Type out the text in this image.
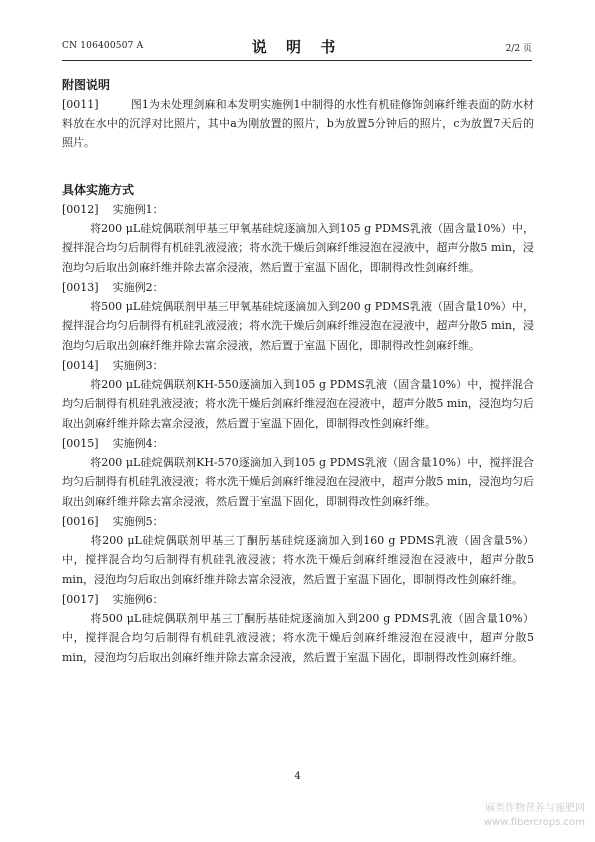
CN 106400507 A	说 明 书	2/2 页
附图说明

[0011]	图1为未处理剑麻和本发明实施例1中制得的水性有机硅修饰剑麻纤维表面的防水材料放在水中的沉浮对比照片，其中a为刚放置的照片，b为放置5分钟后的照片，c为放置7天后的照片。

具体实施方式

[0012] 实施例1：

将200 μL硅烷偶联剂甲基三甲氧基硅烷逐滴加入到105 g PDMS乳液（固含量10%）中，搅拌混合均匀后制得有机硅乳液浸液；将水洗干燥后剑麻纤维浸泡在浸液中，超声分散5 min，浸泡均匀后取出剑麻纤维并除去富余浸液，然后置于室温下固化，即制得改性剑麻纤维。

[0013] 实施例2：

将500 μL硅烷偶联剂甲基三甲氧基硅烷逐滴加入到200 g PDMS乳液（固含量10%）中，搅拌混合均匀后制得有机硅乳液浸液；将水洗干燥后剑麻纤维浸泡在浸液中，超声分散5 min，浸泡均匀后取出剑麻纤维并除去富余浸液，然后置于室温下固化，即制得改性剑麻纤维。

[0014] 实施例3：

将200 μL硅烷偶联剂KH-550逐滴加入到105 g PDMS乳液（固含量10%）中，搅拌混合均匀后制得有机硅乳液浸液；将水洗干燥后剑麻纤维浸泡在浸液中，超声分散5 min，浸泡均匀后取出剑麻纤维并除去富余浸液，然后置于室温下固化，即制得改性剑麻纤维。

[0015] 实施例4：

将200 μL硅烷偶联剂KH-570逐滴加入到105 g PDMS乳液（固含量10%）中，搅拌混合均匀后制得有机硅乳液浸液；将水洗干燥后剑麻纤维浸泡在浸液中，超声分散5 min，浸泡均匀后取出剑麻纤维并除去富余浸液，然后置于室温下固化，即制得改性剑麻纤维。

[0016] 实施例5：

将200 μL硅烷偶联剂甲基三丁酮肟基硅烷逐滴加入到160 g PDMS乳液（固含量5%）中，搅拌混合均匀后制得有机硅乳液浸液；将水洗干燥后剑麻纤维浸泡在浸液中，超声分散5 min，浸泡均匀后取出剑麻纤维并除去富余浸液，然后置于室温下固化，即制得改性剑麻纤维。

[0017] 实施例6：

将500 μL硅烷偶联剂甲基三丁酮肟基硅烷逐滴加入到200 g PDMS乳液（固含量10%）中，搅拌混合均匀后制得有机硅乳液浸液；将水洗干燥后剑麻纤维浸泡在浸液中，超声分散5 min，浸泡均匀后取出剑麻纤维并除去富余浸液，然后置于室温下固化，即制得改性剑麻纤维。

4
麻类作物营养与施肥网
www.fibercrops.com
